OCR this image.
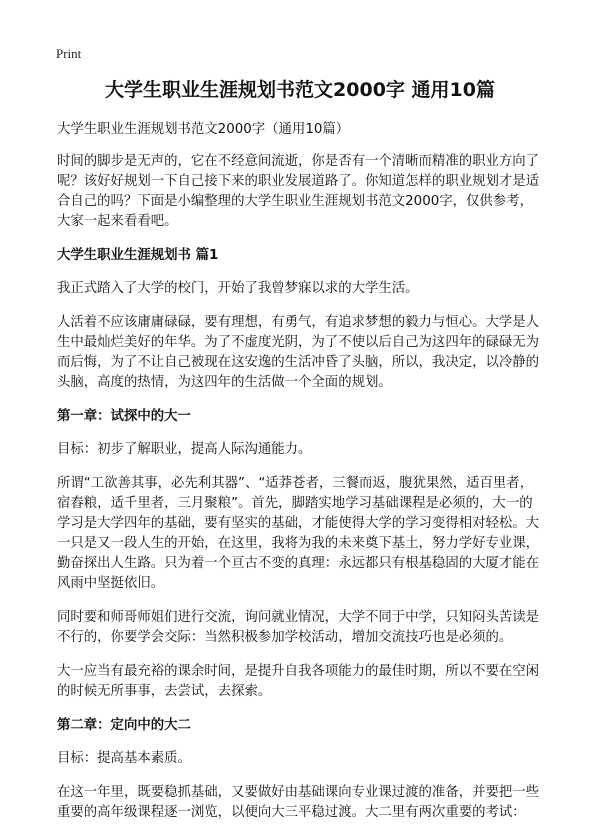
Print
大学生职业生涯规划书范文2000字 通用10篇

大学生职业生涯规划书范文2000字（通用10篇）

时间的脚步是无声的，它在不经意间流逝，你是否有一个清晰而精准的职业方向了呢？该好好规划一下自己接下来的职业发展道路了。你知道怎样的职业规划才是适合自己的吗？下面是小编整理的大学生职业生涯规划书范文2000字，仅供参考，大家一起来看看吧。

大学生职业生涯规划书 篇1

我正式踏入了大学的校门，开始了我曾梦寐以求的大学生活。

人活着不应该庸庸碌碌，要有理想，有勇气，有追求梦想的毅力与恒心。大学是人生中最灿烂美好的年华。为了不虚度光阴，为了不使以后自己为这四年的碌碌无为而后悔，为了不让自己被现在这安逸的生活冲昏了头脑，所以，我决定，以冷静的头脑，高度的热情，为这四年的生活做一个全面的规划。

第一章：试探中的大一

目标：初步了解职业，提高人际沟通能力。

所谓“工欲善其事，必先利其器”、“适莽苍者，三餐而返，腹犹果然，适百里者，宿舂粮，适千里者，三月聚粮”。首先，脚踏实地学习基础课程是必须的，大一的学习是大学四年的基础，要有坚实的基础，才能使得大学的学习变得相对轻松。大一只是又一段人生的开始，在这里，我将为我的未来奠下基土，努力学好专业课，勤奋探出人生路。只为着一个亘古不变的真理：永远都只有根基稳固的大厦才能在风雨中坚挺依旧。

同时要和师哥师姐们进行交流，询问就业情况，大学不同于中学，只知闷头苦读是不行的，你要学会交际：当然积极参加学校活动，增加交流技巧也是必须的。

大一应当有最充裕的课余时间，是提升自我各项能力的最佳时期，所以不要在空闲的时候无所事事，去尝试，去探索。

第二章：定向中的大二

目标：提高基本素质。

在这一年里，既要稳抓基础，又要做好由基础课向专业课过渡的准备，并要把一些重要的高年级课程逐一浏览，以便向大三平稳过渡。大二里有两次重要的考试：
